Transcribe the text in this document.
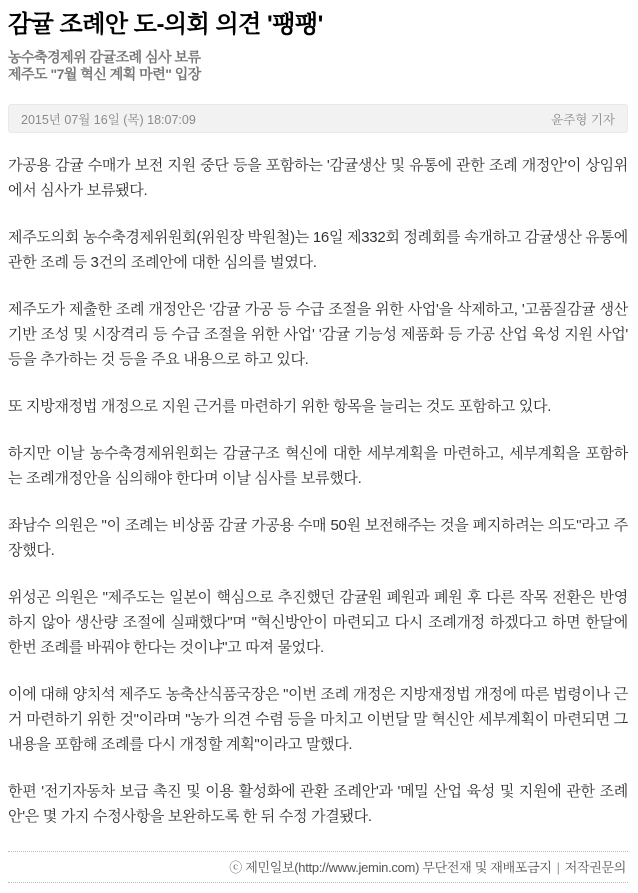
감귤 조례안 도-의회 의견 '팽팽'
농수축경제위 감귤조례 심사 보류
제주도 "7월 혁신 계획 마련" 입장
2015년 07월 16일 (목) 18:07:09	윤주형 기자

가공용 감귤 수매가 보전 지원 중단 등을 포함하는 '감귤생산 및 유통에 관한 조례 개정안'이 상임위에서 심사가 보류됐다.

제주도의회 농수축경제위원회(위원장 박원철)는 16일 제332회 정례회를 속개하고 감귤생산 유통에 관한 조례 등 3건의 조례안에 대한 심의를 벌였다.

제주도가 제출한 조례 개정안은 '감귤 가공 등 수급 조절을 위한 사업'을 삭제하고, '고품질감귤 생산기반 조성 및 시장격리 등 수급 조절을 위한 사업' '감귤 기능성 제품화 등 가공 산업 육성 지원 사업' 등을 추가하는 것 등을 주요 내용으로 하고 있다.

또 지방재정법 개정으로 지원 근거를 마련하기 위한 항목을 늘리는 것도 포함하고 있다.

하지만 이날 농수축경제위원회는 감귤구조 혁신에 대한 세부계획을 마련하고, 세부계획을 포함하는 조례개정안을 심의해야 한다며 이날 심사를 보류했다.

좌남수 의원은 "이 조례는 비상품 감귤 가공용 수매 50원 보전해주는 것을 폐지하려는 의도"라고 주장했다.

위성곤 의원은 "제주도는 일본이 핵심으로 추진했던 감귤원 폐원과 폐원 후 다른 작목 전환은 반영하지 않아 생산량 조절에 실패했다"며 "혁신방안이 마련되고 다시 조례개정 하겠다고 하면 한달에 한번 조례를 바꿔야 한다는 것이냐"고 따져 물었다.

이에 대해 양치석 제주도 농축산식품국장은 "이번 조례 개정은 지방재정법 개정에 따른 법령이나 근거 마련하기 위한 것"이라며 "농가 의견 수렴 등을 마치고 이번달 말 혁신안 세부계획이 마련되면 그 내용을 포함해 조례를 다시 개정할 계획"이라고 말했다.

한편 '전기자동차 보급 촉진 및 이용 활성화에 관환 조례안'과 '메밀 산업 육성 및 지원에 관한 조례안'은 몇 가지 수정사항을 보완하도록 한 뒤 수정 가결됐다.

ⓒ 제민일보(http://www.jemin.com) 무단전재 및 재배포금지 | 저작권문의
